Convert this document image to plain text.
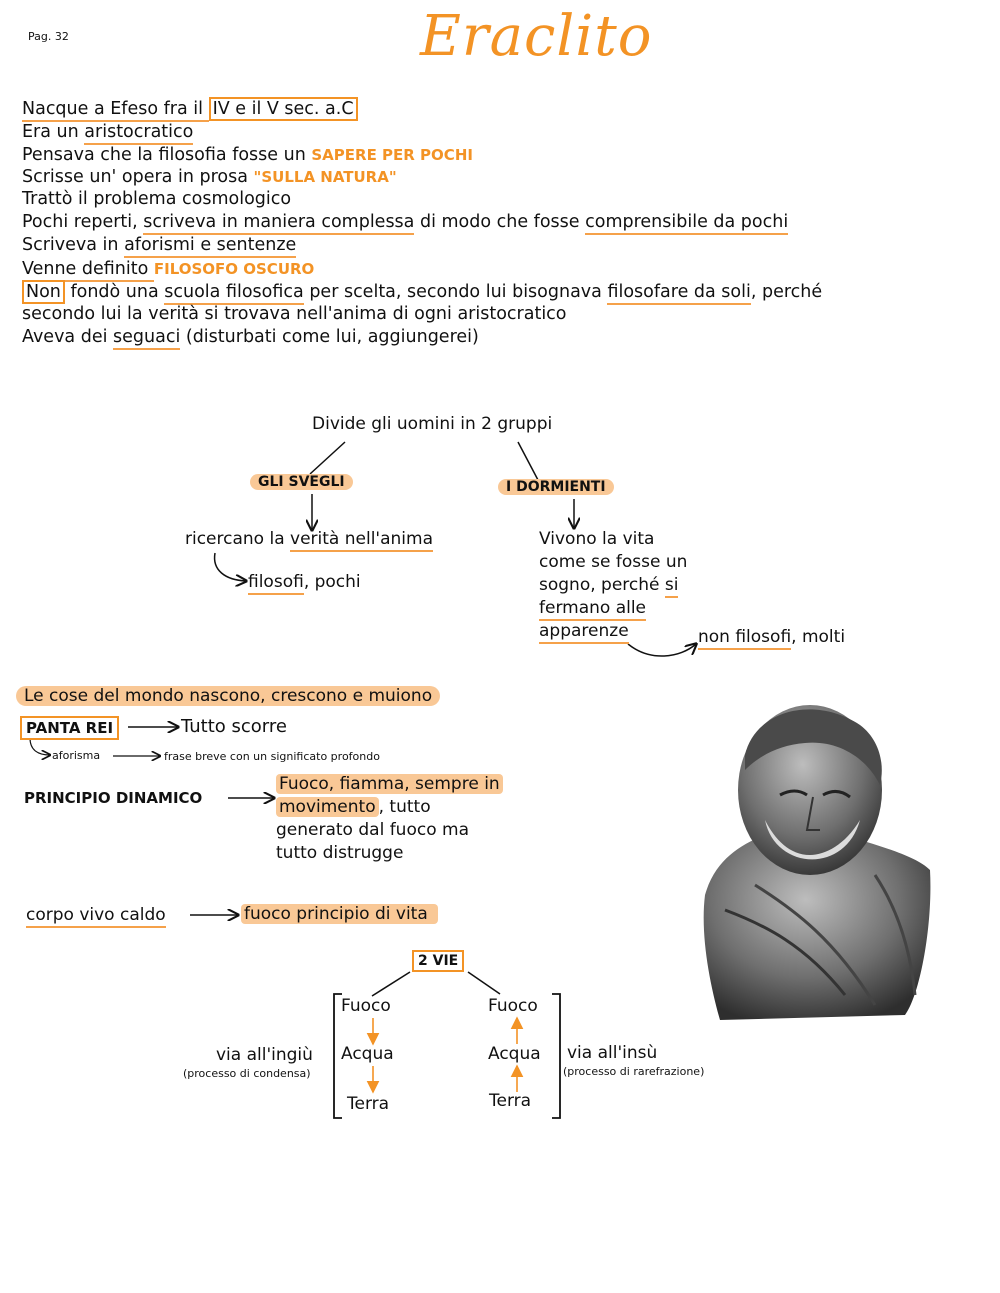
Pag. 32	Eraclito
Nacque a Efeso fra il IV e il V sec. a.C
Era un aristocratico
Pensava che la filosofia fosse un SAPERE PER POCHI
Scrisse un' opera in prosa "SULLA NATURA"
Trattò il problema cosmologico
Pochi reperti, scriveva in maniera complessa di modo che fosse comprensibile da pochi
Scriveva in aforismi e sentenze
Venne definito FILOSOFO OSCURO
Non fondò una scuola filosofica per scelta, secondo lui bisognava filosofare da soli, perché
secondo lui la verità si trovava nell'anima di ogni aristocratico
Aveva dei seguaci (disturbati come lui, aggiungerei)
Divide gli uomini in 2 gruppi
GLI SVEGLI	I DORMIENTI
ricercano la verità nell'anima
filosofi, pochi
Vivono la vita
come se fosse un
sogno, perché si
fermano alle
apparenze	non filosofi, molti
Le cose del mondo nascono, crescono e muiono
PANTA REI	Tutto scorre
aforisma	frase breve con un significato profondo
PRINCIPIO DINAMICO
Fuoco, fiamma, sempre in
movimento , tutto
generato dal fuoco ma
tutto distrugge
corpo vivo caldo	fuoco principio di vita
2 VIE
Fuoco
Acqua
Terra
Fuoco
Acqua
Terra
via all'ingiù
(processo di condensa)
via all'insù
(processo di rarefrazione)
